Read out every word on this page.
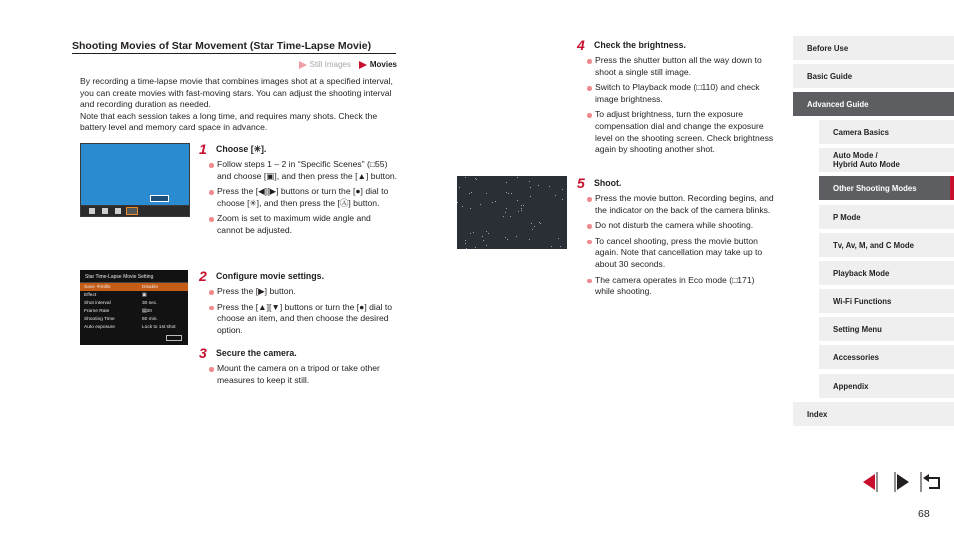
Shooting Movies of Star Movement (Star Time-Lapse Movie)
Still Images Movies

By recording a time-lapse movie that combines images shot at a specified interval, you can create movies with fast-moving stars. You can adjust the shooting interval and recording duration as needed.

Note that each session takes a long time, and requires many shots. Check the battery level and memory card space in advance.

Star Time-Lapse Movie Setting
Save ✳Stills	Disable
Effect	▣
Shot interval	30 sec.
Frame Rate	▤30
Shooting Time	60 min.
Auto exposure	Lock to 1st shot
1	Choose [✳︎].
Follow steps 1 – 2 in “Specific Scenes” (□55) and choose [▣], and then press the [▲] button.
Press the [◀][▶] buttons or turn the [●] dial to choose [✳︎], and then press the [Ⓐ] button.
Zoom is set to maximum wide angle and cannot be adjusted.
2	Configure movie settings.
Press the [▶] button.
Press the [▲][▼] buttons or turn the [●] dial to choose an item, and then choose the desired option.
3	Secure the camera.
Mount the camera on a tripod or take other measures to keep it still.
4	Check the brightness.
Press the shutter button all the way down to shoot a single still image.
Switch to Playback mode (□110) and check image brightness.
To adjust brightness, turn the exposure compensation dial and change the exposure level on the shooting screen. Check brightness again by shooting another shot.
5	Shoot.
Press the movie button. Recording begins, and the indicator on the back of the camera blinks.
Do not disturb the camera while shooting.
To cancel shooting, press the movie button again. Note that cancellation may take up to about 30 seconds.
The camera operates in Eco mode (□171) while shooting.
Before Use
Basic Guide
Advanced Guide
Camera Basics
Auto Mode /
Hybrid Auto Mode
Other Shooting Modes
P Mode
Tv, Av, M, and C Mode
Playback Mode
Wi-Fi Functions
Setting Menu
Accessories
Appendix
Index
68
